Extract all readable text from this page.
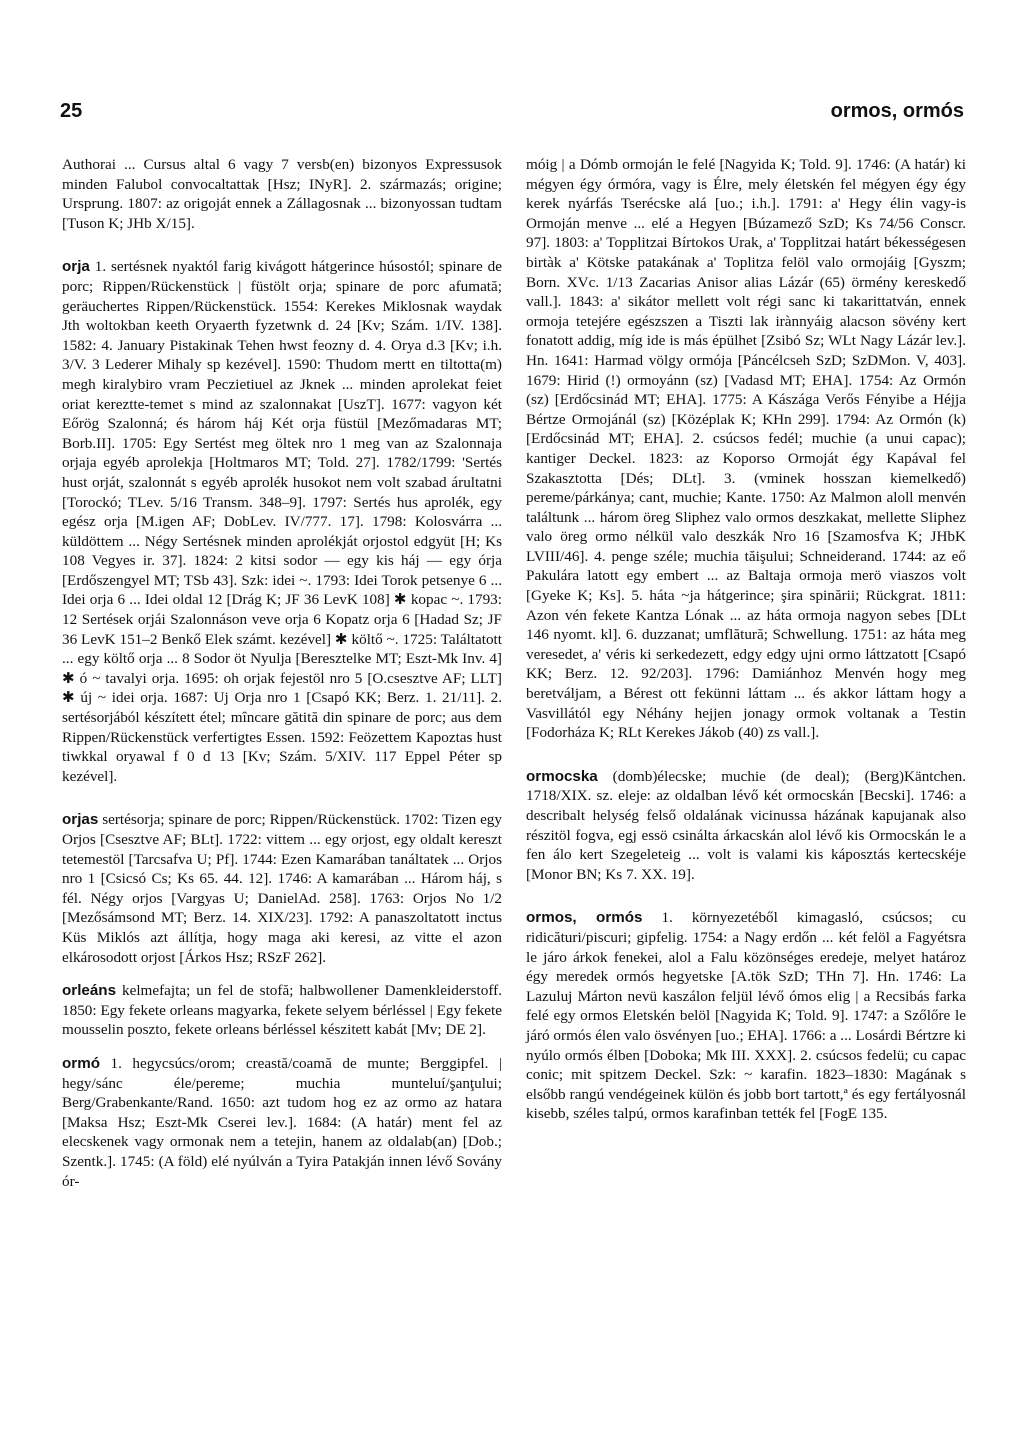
25	ormos, ormós

Authorai ... Cursus altal 6 vagy 7 versb(en) bizonyos Expressusok minden Falubol convocaltattak [Hsz; INyR]. 2. származás; origine; Ursprung. 1807: az origoját ennek a Zállagosnak ... bizonyossan tudtam [Tuson K; JHb X/15].

orja 1. sertésnek nyaktól farig kivágott hátgerince húsostól; spinare de porc; Rippen/Rückenstück | füstölt orja; spinare de porc afumată; geräuchertes Rippen/Rückenstück. 1554: Kerekes Miklosnak waydak Jth woltokban keeth Oryaerth fyzetwnk d. 24 [Kv; Szám. 1/IV. 138]. 1582: 4. January Pistakinak Tehen hwst feozny d. 4. Orya d.3 [Kv; i.h. 3/V. 3 Lederer Mihaly sp kezével]. 1590: Thudom mertt en tiltotta(m) megh kiralybiro vram Peczietiuel az Jknek ... minden aprolekat feiet oriat kereztte-temet s mind az szalonnakat [UszT]. 1677: vagyon két Eőrög Szalonná; és három háj Két orja füstül [Mezőmadaras MT; Borb.II]. 1705: Egy Sertést meg öltek nro 1 meg van az Szalonnaja orjaja egyéb aprolekja [Holtmaros MT; Told. 27]. 1782/1799: 'Sertés hust orját, szalonnát s egyéb aprolék husokot nem volt szabad árultatni [Torockó; TLev. 5/16 Transm. 348–9]. 1797: Sertés hus aprolék, egy egész orja [M.igen AF; DobLev. IV/777. 17]. 1798: Kolosvárra ... küldöttem ... Négy Sertésnek minden aprolékját orjostol edgyüt [H; Ks 108 Vegyes ir. 37]. 1824: 2 kitsi sodor — egy kis háj — egy órja [Erdőszengyel MT; TSb 43]. Szk: idei ~. 1793: Idei Torok petsenye 6 ... Idei orja 6 ... Idei oldal 12 [Drág K; JF 36 LevK 108] ✱ kopac ~. 1793: 12 Sertések orjái Szalonnáson veve orja 6 Kopatz orja 6 [Hadad Sz; JF 36 LevK 151–2 Benkő Elek számt. kezével] ✱ költő ~. 1725: Találtatott ... egy költő orja ... 8 Sodor öt Nyulja [Beresztelke MT; Eszt-Mk Inv. 4] ✱ ó ~ tavalyi orja. 1695: oh orjak fejestöl nro 5 [O.csesztve AF; LLT] ✱ új ~ idei orja. 1687: Uj Orja nro 1 [Csapó KK; Berz. 1. 21/11]. 2. sertésorjából készített étel; mîncare gătită din spinare de porc; aus dem Rippen/Rückenstück verfertigtes Essen. 1592: Feözettem Kapoztas hust tiwkkal oryawal f 0 d 13 [Kv; Szám. 5/XIV. 117 Eppel Péter sp kezével].

orjas sertésorja; spinare de porc; Rippen/Rückenstück. 1702: Tizen egy Orjos [Csesztve AF; BLt]. 1722: vittem ... egy orjost, egy oldalt kereszt tetemestöl [Tarcsafva U; Pf]. 1744: Ezen Kamarában tanáltatek ... Orjos nro 1 [Csicsó Cs; Ks 65. 44. 12]. 1746: A kamarában ... Három háj, s fél. Négy orjos [Vargyas U; DanielAd. 258]. 1763: Orjos No 1/2 [Mezősámsond MT; Berz. 14. XIX/23]. 1792: A panaszoltatott inctus Küs Miklós azt állítja, hogy maga aki keresi, az vitte el azon elkárosodott orjost [Árkos Hsz; RSzF 262].

orleáns kelmefajta; un fel de stofă; halbwollener Damenkleiderstoff. 1850: Egy fekete orleans magyarka, fekete selyem bérléssel | Egy fekete mousselin poszto, fekete orleans bérléssel készitett kabát [Mv; DE 2].

ormó 1. hegycsúcs/orom; creastă/coamă de munte; Berggipfel. | hegy/sánc éle/pereme; muchia munteluí/şanţului; Berg/Grabenkante/Rand. 1650: azt tudom hog ez az ormo az hatara [Maksa Hsz; Eszt-Mk Cserei lev.]. 1684: (A határ) ment fel az elecskenek vagy ormonak nem a tetejin, hanem az oldalab(an) [Dob.; Szentk.]. 1745: (A föld) elé nyúlván a Tyira Patakján innen lévő Sovány ór-

móig | a Dómb ormoján le felé [Nagyida K; Told. 9]. 1746: (A határ) ki mégyen égy órmóra, vagy is Élre, mely életskén fel mégyen égy égy kerek nyárfás Tserécske alá [uo.; i.h.]. 1791: a' Hegy élin vagy-is Ormoján menve ... elé a Hegyen [Búzamező SzD; Ks 74/56 Conscr. 97]. 1803: a' Topplitzai Bírtokos Urak, a' Topplitzai határt békességesen birtàk a' Kötske patakának a' Toplitza felöl valo ormojáig [Gyszm; Born. XVc. 1/13 Zacarias Anisor alias Lázár (65) örmény kereskedő vall.]. 1843: a' sikátor mellett volt régi sanc ki takarittatván, ennek ormoja tetejére egészszen a Tiszti lak irànnyáig alacson sövény kert fonatott addig, míg ide is más épülhet [Zsibó Sz; WLt Nagy Lázár lev.]. Hn. 1641: Harmad völgy ormója [Páncélcseh SzD; SzDMon. V, 403]. 1679: Hirid (!) ormoyánn (sz) [Vadasd MT; EHA]. 1754: Az Ormón (sz) [Erdőcsinád MT; EHA]. 1775: A Kászága Verős Fényibe a Héjja Bértze Ormojánál (sz) [Középlak K; KHn 299]. 1794: Az Ormón (k) [Erdőcsinád MT; EHA]. 2. csúcsos fedél; muchie (a unui capac); kantiger Deckel. 1823: az Koporso Ormoját égy Kapával fel Szakasztotta [Dés; DLt]. 3. (vminek hosszan kiemelkedő) pereme/párkánya; cant, muchie; Kante. 1750: Az Malmon aloll menvén találtunk ... három öreg Sliphez valo ormos deszkakat, mellette Sliphez valo öreg ormo nélkül valo deszkák Nro 16 [Szamosfva K; JHbK LVIII/46]. 4. penge széle; muchia tăişului; Schneiderand. 1744: az eő Pakulára latott egy embert ... az Baltaja ormoja merö viaszos volt [Gyeke K; Ks]. 5. háta ~ja hátgerince; şira spinării; Rückgrat. 1811: Azon vén fekete Kantza Lónak ... az háta ormoja nagyon sebes [DLt 146 nyomt. kl]. 6. duzzanat; umflătură; Schwellung. 1751: az háta meg veresedet, a' véris ki serkedezett, edgy edgy ujni ormo láttzatott [Csapó KK; Berz. 12. 92/203]. 1796: Damiánhoz Menvén hogy meg beretváljam, a Bérest ott fekünni láttam ... és akkor láttam hogy a Vasvillától egy Néhány hejjen jonagy ormok voltanak a Testin [Fodorháza K; RLt Kerekes Jákob (40) zs vall.].

ormocska (domb)élecske; muchie (de deal); (Berg)Käntchen. 1718/XIX. sz. eleje: az oldalban lévő két ormocskán [Becski]. 1746: a describalt helység felső oldalának vicinussa házának kapujanak also részitöl fogva, egj essö csinálta árkacskán alol lévő kis Ormocskán le a fen álo kert Szegeleteig ... volt is valami kis káposztás kertecskéje [Monor BN; Ks 7. XX. 19].

ormos, ormós 1. környezetéből kimagasló, csúcsos; cu ridicături/piscuri; gipfelig. 1754: a Nagy erdőn ... két felöl a Fagyétsra le járo árkok fenekei, alol a Falu közönséges eredeje, melyet határoz égy meredek ormós hegyetske [A.tök SzD; THn 7]. Hn. 1746: La Lazuluj Márton nevü kaszálon feljül lévő ómos elig | a Recsibás farka felé egy ormos Eletskén belöl [Nagyida K; Told. 9]. 1747: a Szőlőre le járó ormós élen valo ösvényen [uo.; EHA]. 1766: a ... Losárdi Bértzre ki nyúlo ormós élben [Doboka; Mk III. XXX]. 2. csúcsos fedelü; cu capac conic; mit spitzem Deckel. Szk: ~ karafin. 1823–1830: Magának s elsőbb rangú vendégeinek külön és jobb bort tartott,ª és egy fertályosnál kisebb, széles talpú, ormos karafinban tették fel [FogE 135.
